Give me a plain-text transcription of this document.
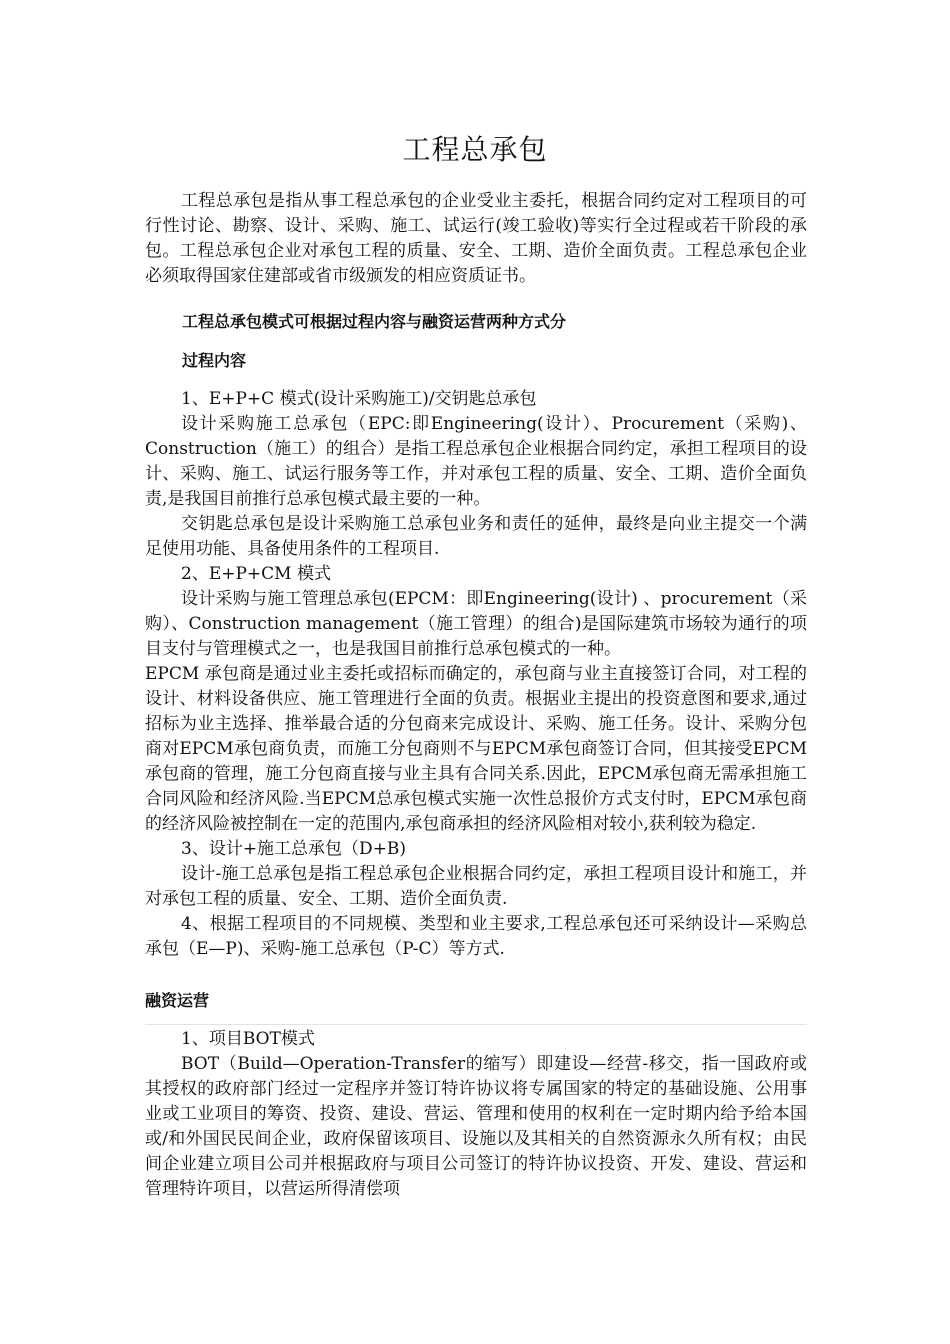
工程总承包

工程总承包是指从事工程总承包的企业受业主委托，根据合同约定对工程项目的可行性讨论、勘察、设计、采购、施工、试运行(竣工验收)等实行全过程或若干阶段的承包。工程总承包企业对承包工程的质量、安全、工期、造价全面负责。工程总承包企业必须取得国家住建部或省市级颁发的相应资质证书。

工程总承包模式可根据过程内容与融资运营两种方式分
过程内容

1、E+P+C 模式(设计采购施工)/交钥匙总承包

设计采购施工总承包（EPC:即Engineering(设计）、Procurement（采购)、Construction（施工）的组合）是指工程总承包企业根据合同约定，承担工程项目的设计、采购、施工、试运行服务等工作，并对承包工程的质量、安全、工期、造价全面负责,是我国目前推行总承包模式最主要的一种。

交钥匙总承包是设计采购施工总承包业务和责任的延伸，最终是向业主提交一个满足使用功能、具备使用条件的工程项目.

2、E+P+CM 模式

设计采购与施工管理总承包(EPCM：即Engineering(设计) 、procurement（采购）、Construction management（施工管理）的组合)是国际建筑市场较为通行的项目支付与管理模式之一，也是我国目前推行总承包模式的一种。

EPCM 承包商是通过业主委托或招标而确定的，承包商与业主直接签订合同，对工程的设计、材料设备供应、施工管理进行全面的负责。根据业主提出的投资意图和要求,通过招标为业主选择、推举最合适的分包商来完成设计、采购、施工任务。设计、采购分包商对EPCM承包商负责，而施工分包商则不与EPCM承包商签订合同，但其接受EPCM承包商的管理，施工分包商直接与业主具有合同关系.因此，EPCM承包商无需承担施工合同风险和经济风险.当EPCM总承包模式实施一次性总报价方式支付时，EPCM承包商的经济风险被控制在一定的范围内,承包商承担的经济风险相对较小,获利较为稳定.

3、设计+施工总承包（D+B)

设计-施工总承包是指工程总承包企业根据合同约定，承担工程项目设计和施工，并对承包工程的质量、安全、工期、造价全面负责.

4、根据工程项目的不同规模、类型和业主要求,工程总承包还可采纳设计—采购总承包（E—P)、采购-施工总承包（P-C）等方式.

融资运营

1、项目BOT模式

BOT（Build—Operation-Transfer的缩写）即建设—经营-移交，指一国政府或其授权的政府部门经过一定程序并签订特许协议将专属国家的特定的基础设施、公用事业或工业项目的筹资、投资、建设、营运、管理和使用的权利在一定时期内给予给本国或/和外国民民间企业，政府保留该项目、设施以及其相关的自然资源永久所有权；由民间企业建立项目公司并根据政府与项目公司签订的特许协议投资、开发、建设、营运和管理特许项目，以营运所得清偿项
